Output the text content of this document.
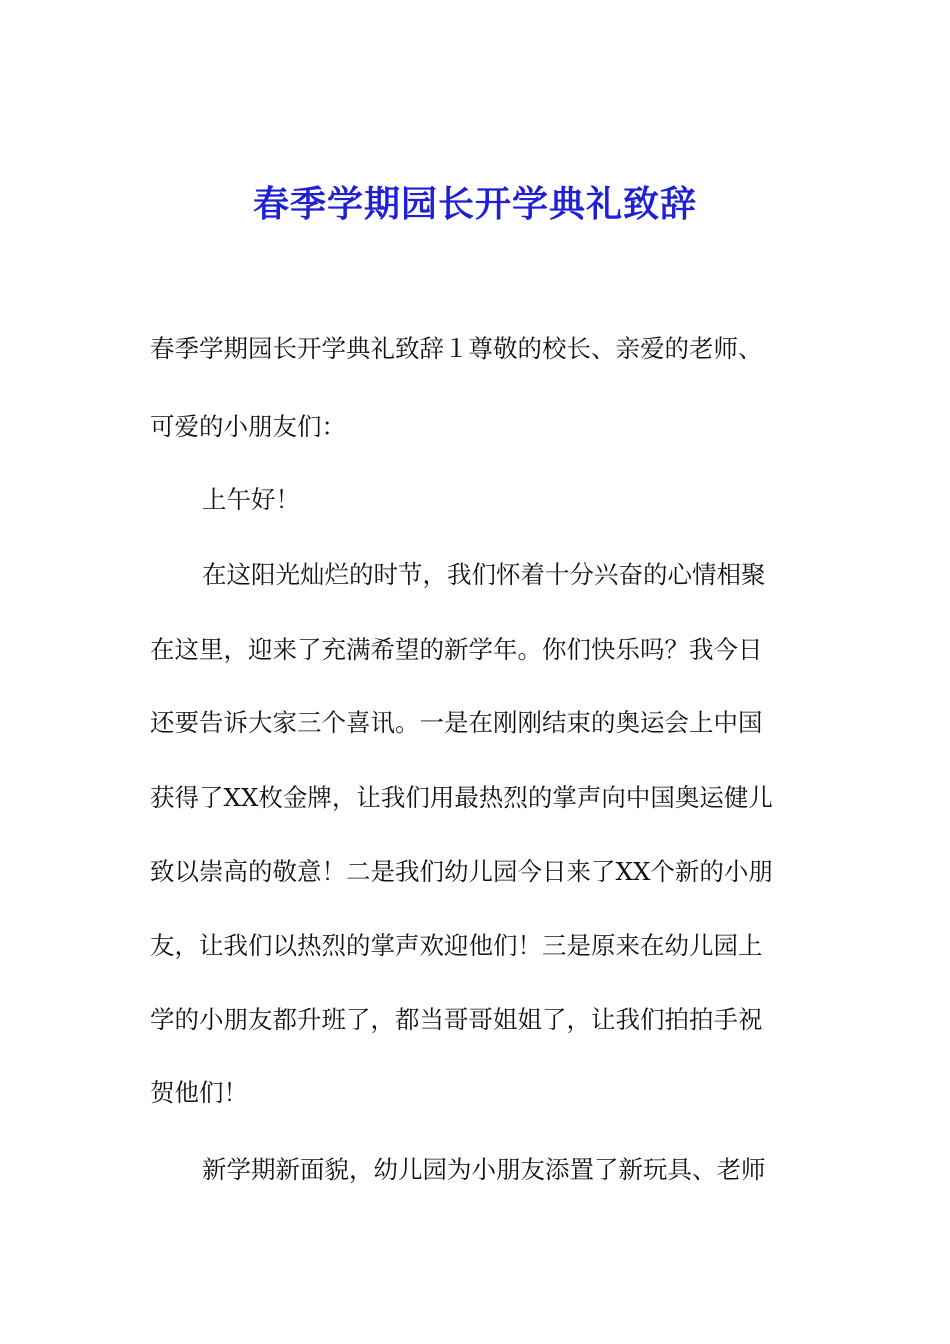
春季学期园长开学典礼致辞
春季学期园长开学典礼致辞１尊敬的校长、亲爱的老师、
可爱的小朋友们：
上午好！
在这阳光灿烂的时节，我们怀着十分兴奋的心情相聚
在这里，迎来了充满希望的新学年。你们快乐吗？我今日
还要告诉大家三个喜讯。一是在刚刚结束的奥运会上中国
获得了XX枚金牌，让我们用最热烈的掌声向中国奥运健儿
致以崇高的敬意！二是我们幼儿园今日来了XX个新的小朋
友，让我们以热烈的掌声欢迎他们！三是原来在幼儿园上
学的小朋友都升班了，都当哥哥姐姐了，让我们拍拍手祝
贺他们！
新学期新面貌，幼儿园为小朋友添置了新玩具、老师
